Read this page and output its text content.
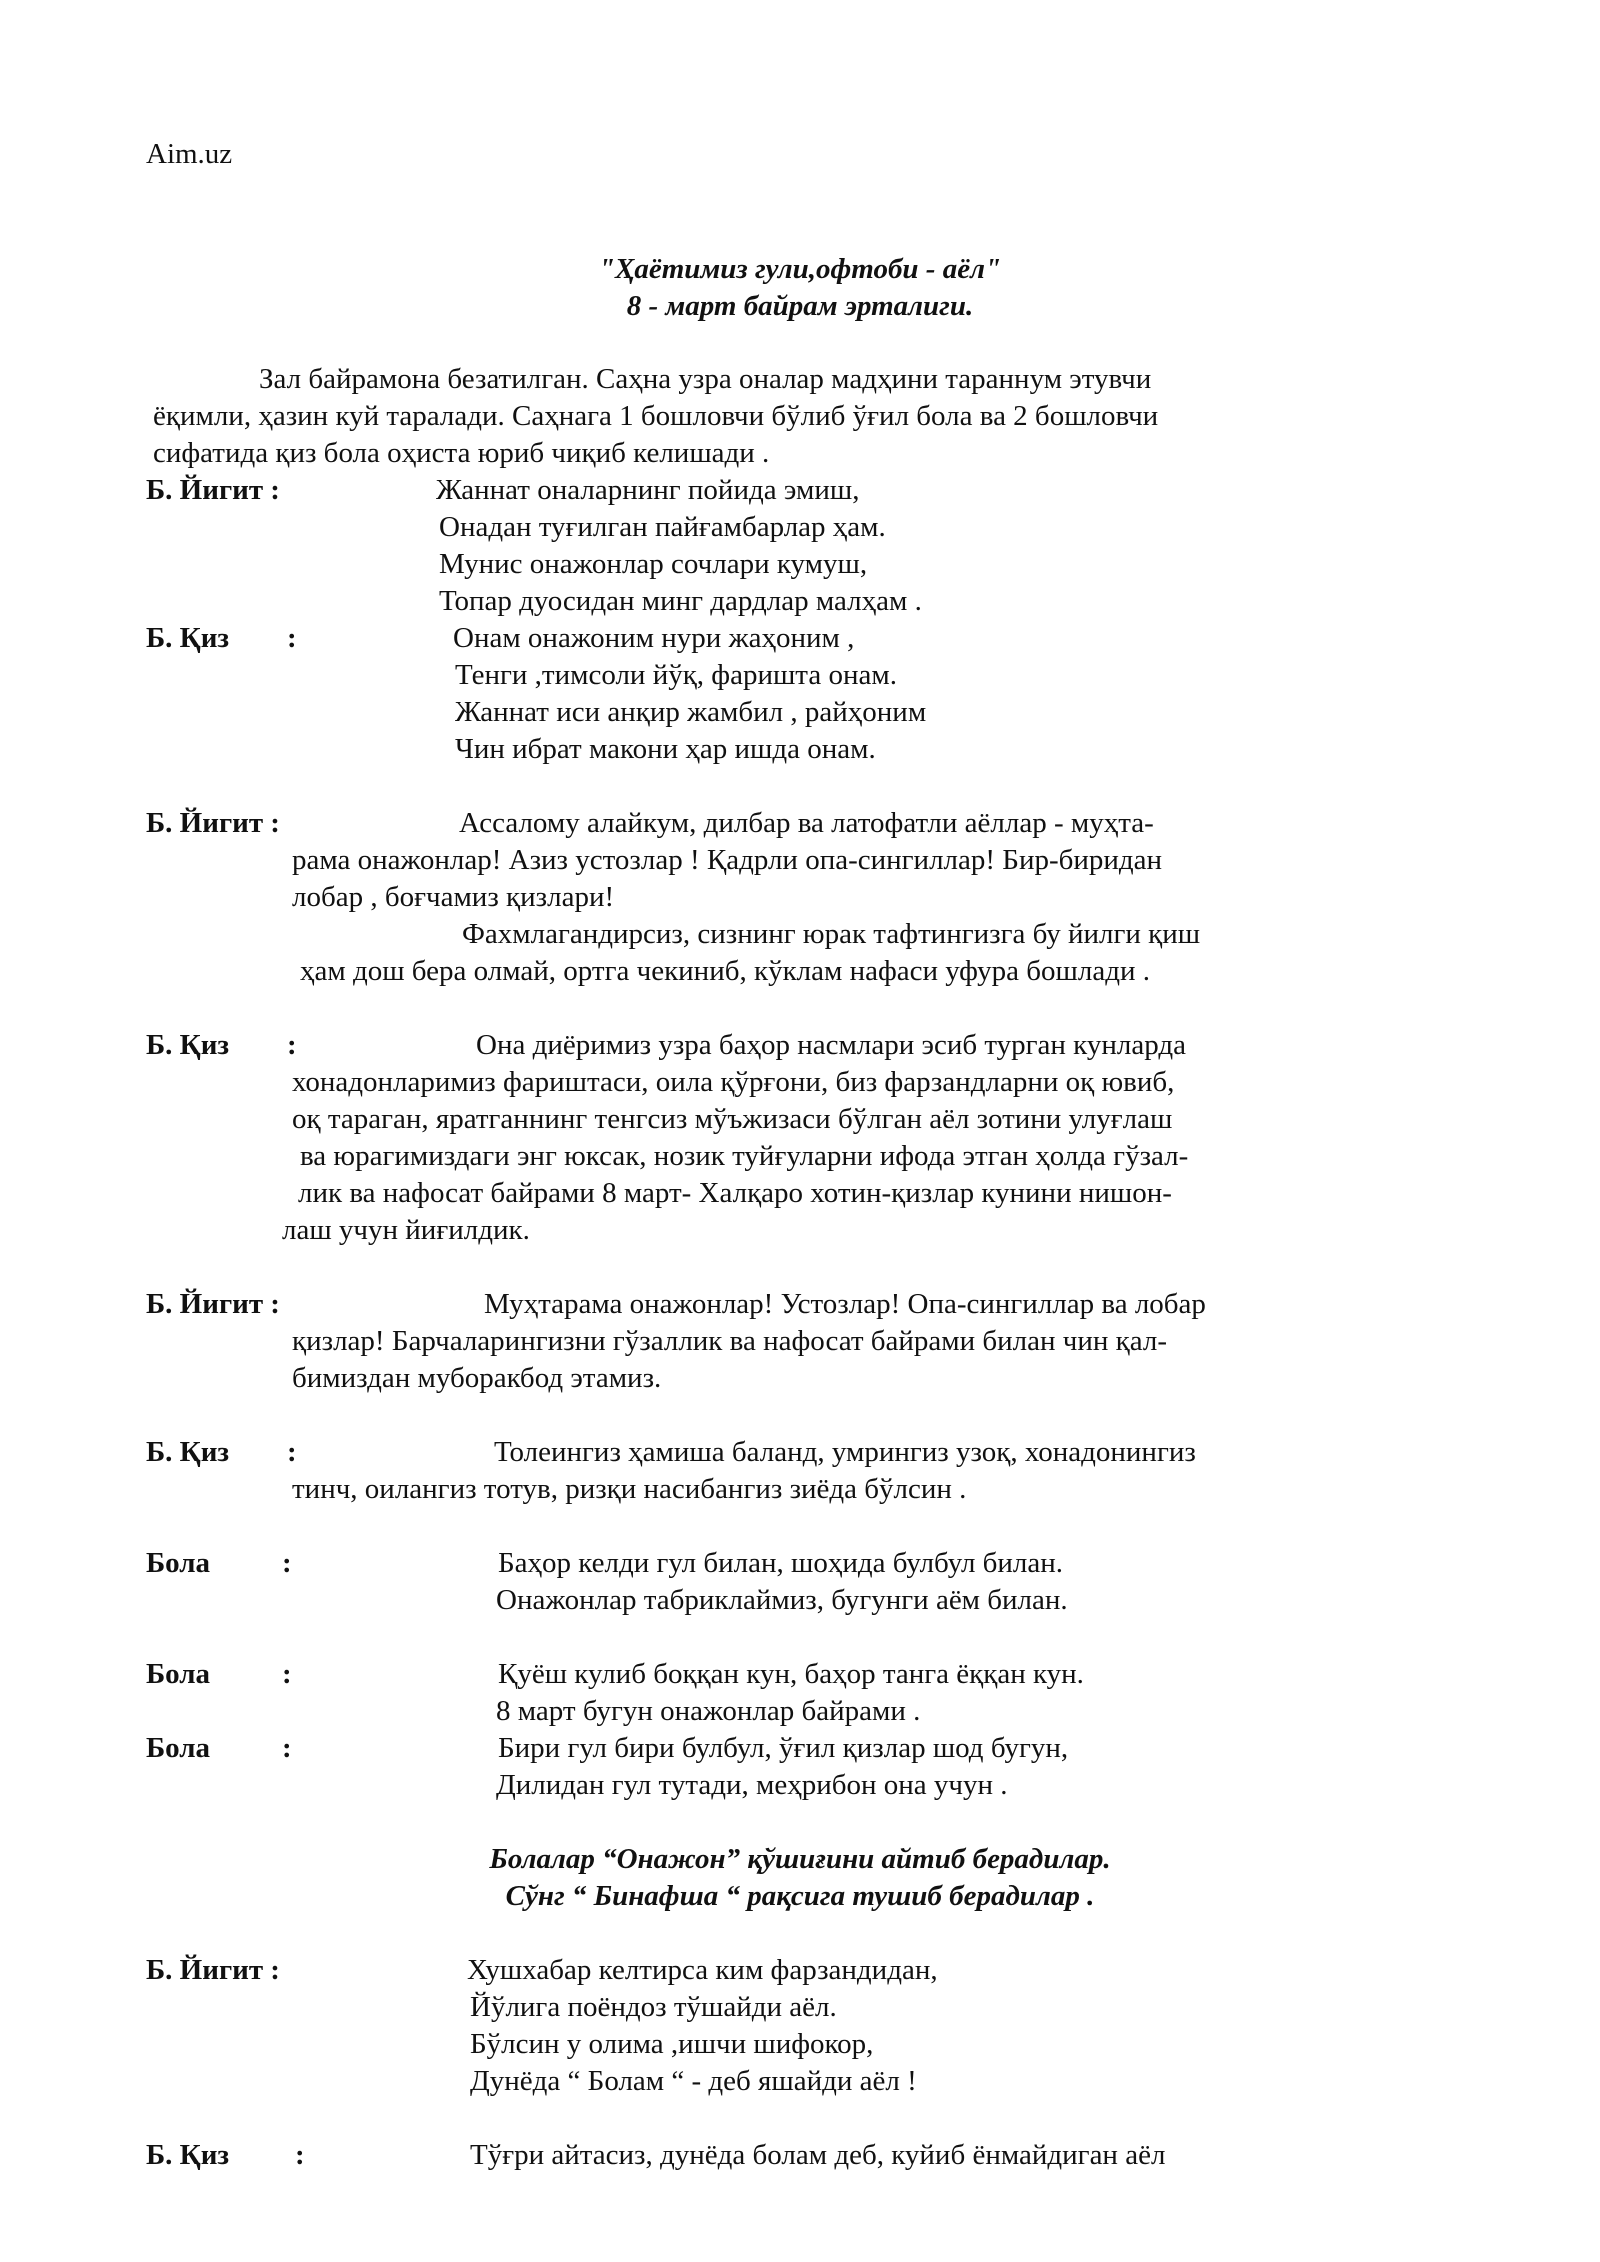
Aim.uz
"Ҳаётимиз гули,офтоби - аёл"
8 - март байрам эрталиги.
Зал байрамона безатилган. Саҳна узра оналар мадҳини тараннум этувчи
ёқимли, ҳазин куй таралади. Саҳнага 1 бошловчи бўлиб ўғил бола ва 2 бошловчи
сифатида қиз бола оҳиста юриб чиқиб келишади .
Б. Йигит :	Жаннат оналарнинг пойида эмиш,
Онадан туғилган пайғамбарлар ҳам.
Мунис онажонлар сочлари кумуш,
Топар дуосидан минг дардлар малҳам .
Б. Қиз :	Онам онажоним нури жаҳоним ,
Тенги ,тимсоли йўқ, фаришта онам.
Жаннат иси анқир жамбил , райҳоним
Чин ибрат макони ҳар ишда онам.
Б. Йигит :	Ассалому алайкум, дилбар ва латофатли аёллар - муҳта-
рама онажонлар! Азиз устозлар ! Қадрли опа-сингиллар! Бир-биридан
лобар , боғчамиз қизлари!
Фахмлагандирсиз, сизнинг юрак тафтингизга бу йилги қиш
ҳам дош бера олмай, ортга чекиниб, кўклам нафаси уфура бошлади .
Б. Қиз :	Она диёримиз узра баҳор насмлари эсиб турган кунларда
хонадонларимиз фариштаси, оила қўрғони, биз фарзандларни оқ ювиб,
оқ тараган, яратганнинг тенгсиз мўъжизаси бўлган аёл зотини улуғлаш
ва юрагимиздаги энг юксак, нозик туйғуларни ифода этган ҳолда гўзал-
лик ва нафосат байрами 8 март- Халқаро хотин-қизлар кунини нишон-
лаш учун йиғилдик.
Б. Йигит :	Муҳтарама онажонлар! Устозлар! Опа-сингиллар ва лобар
қизлар! Барчаларингизни гўзаллик ва нафосат байрами билан чин қал-
бимиздан муборакбод этамиз.
Б. Қиз :	Толеингиз ҳамиша баланд, умрингиз узоқ, хонадонингиз
тинч, оилангиз тотув, ризқи насибангиз зиёда бўлсин .
Бола :	Баҳор келди гул билан, шоҳида булбул билан.
Онажонлар табриклаймиз, бугунги аём билан.
Бола :	Қуёш кулиб боққан кун, баҳор танга ёққан кун.
8 март бугун онажонлар байрами .
Бола :	Бири гул бири булбул, ўғил қизлар шод бугун,
Дилидан гул тутади, меҳрибон она учун .
Болалар “Онажон” қўшиғини айтиб берадилар.
Сўнг “ Бинафша “ рақсига тушиб берадилар .
Б. Йигит :	Хушхабар келтирса ким фарзандидан,
Йўлига поёндоз тўшайди аёл.
Бўлсин у олима ,ишчи шифокор,
Дунёда “ Болам “ - деб яшайди аёл !
Б. Қиз :	Тўғри айтасиз, дунёда болам деб, куйиб ёнмайдиган аёл
